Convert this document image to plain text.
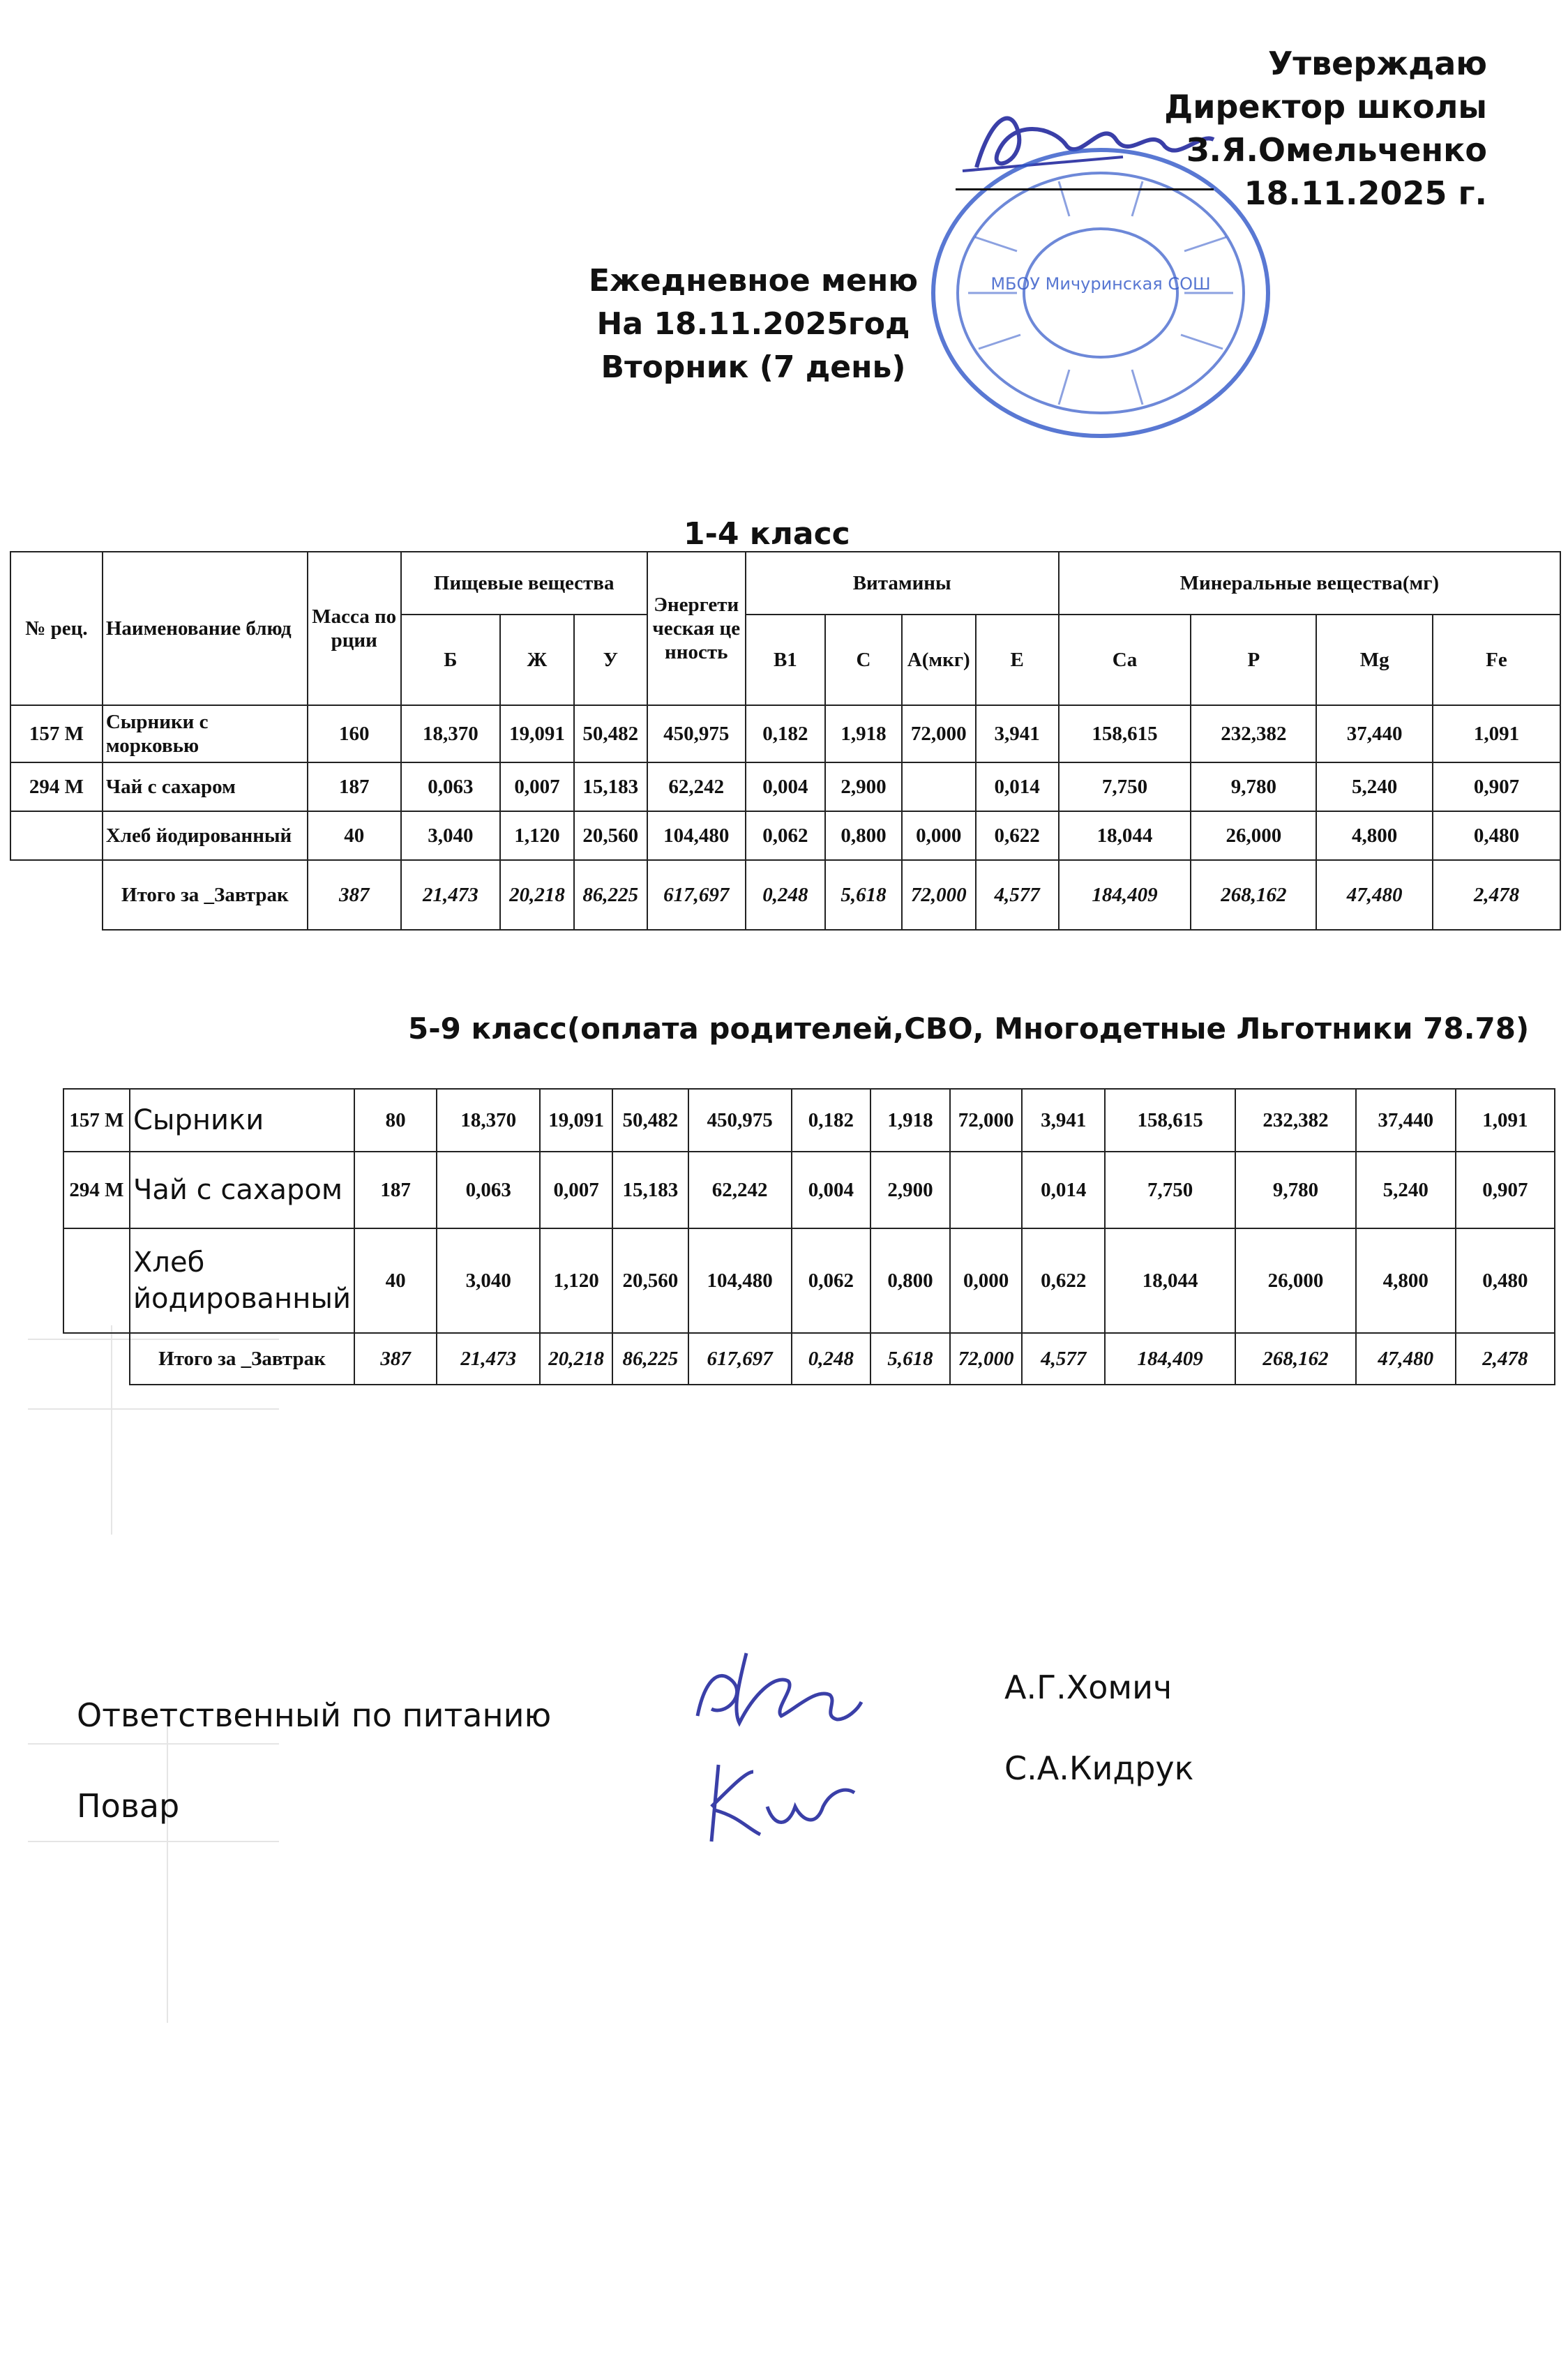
МБОУ Мичуринская СОШ
Утверждаю
Директор школы
З.Я.Омельченко
18.11.2025 г.
Ежедневное меню
На 18.11.2025год
Вторник (7 день)
1-4 класс
№ рец.	Наименование блюд	Масса порции	Пищевые вещества			Энергетическая ценность	Витамины				Минеральные вещества(мг)			
			Б	Ж	У		B1	C	A(мкг)	E	Ca	P	Mg	Fe
157 М	Сырники с морковью	160	18,370	19,091	50,482	450,975	0,182	1,918	72,000	3,941	158,615	232,382	37,440	1,091
294 М	Чай с сахаром	187	0,063	0,007	15,183	62,242	0,004	2,900		0,014	7,750	9,780	5,240	0,907
	Хлеб йодированный	40	3,040	1,120	20,560	104,480	0,062	0,800	0,000	0,622	18,044	26,000	4,800	0,480
	Итого за _Завтрак	387	21,473	20,218	86,225	617,697	0,248	5,618	72,000	4,577	184,409	268,162	47,480	2,478
5-9 класс(оплата родителей,СВО, Многодетные Льготники 78.78)
157 М	Сырники	80	18,370	19,091	50,482	450,975	0,182	1,918	72,000	3,941	158,615	232,382	37,440	1,091
294 М	Чай с сахаром	187	0,063	0,007	15,183	62,242	0,004	2,900		0,014	7,750	9,780	5,240	0,907
	Хлеб йодированный	40	3,040	1,120	20,560	104,480	0,062	0,800	0,000	0,622	18,044	26,000	4,800	0,480
	Итого за _Завтрак	387	21,473	20,218	86,225	617,697	0,248	5,618	72,000	4,577	184,409	268,162	47,480	2,478
Ответственный по питанию
Повар
А.Г.Хомич
С.А.Кидрук
